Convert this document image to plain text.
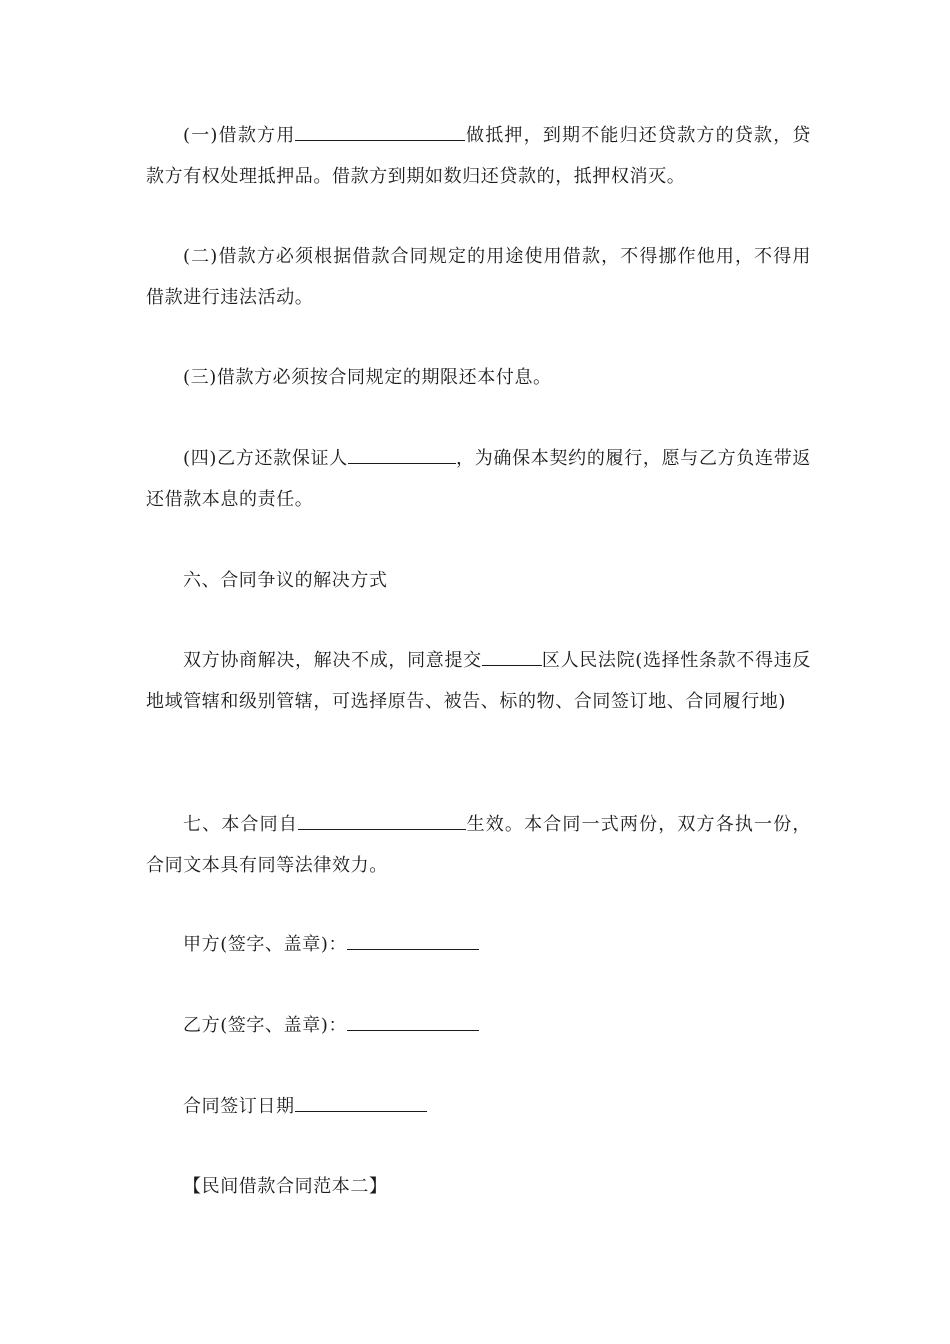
(一)借款方用	做抵押，到期不能归还贷款方的贷款，贷款方有权处理抵押品。借款方到期如数归还贷款的，抵押权消灭。

(二)借款方必须根据借款合同规定的用途使用借款，不得挪作他用，不得用借款进行违法活动。

(三)借款方必须按合同规定的期限还本付息。

(四)乙方还款保证人	，为确保本契约的履行，愿与乙方负连带返还借款本息的责任。

六、合同争议的解决方式

双方协商解决，解决不成，同意提交	区人民法院(选择性条款不得违反地域管辖和级别管辖，可选择原告、被告、标的物、合同签订地、合同履行地)

七、本合同自	生效。本合同一式两份，双方各执一份，合同文本具有同等法律效力。

甲方(签字、盖章)：

乙方(签字、盖章)：

合同签订日期

【民间借款合同范本二】
